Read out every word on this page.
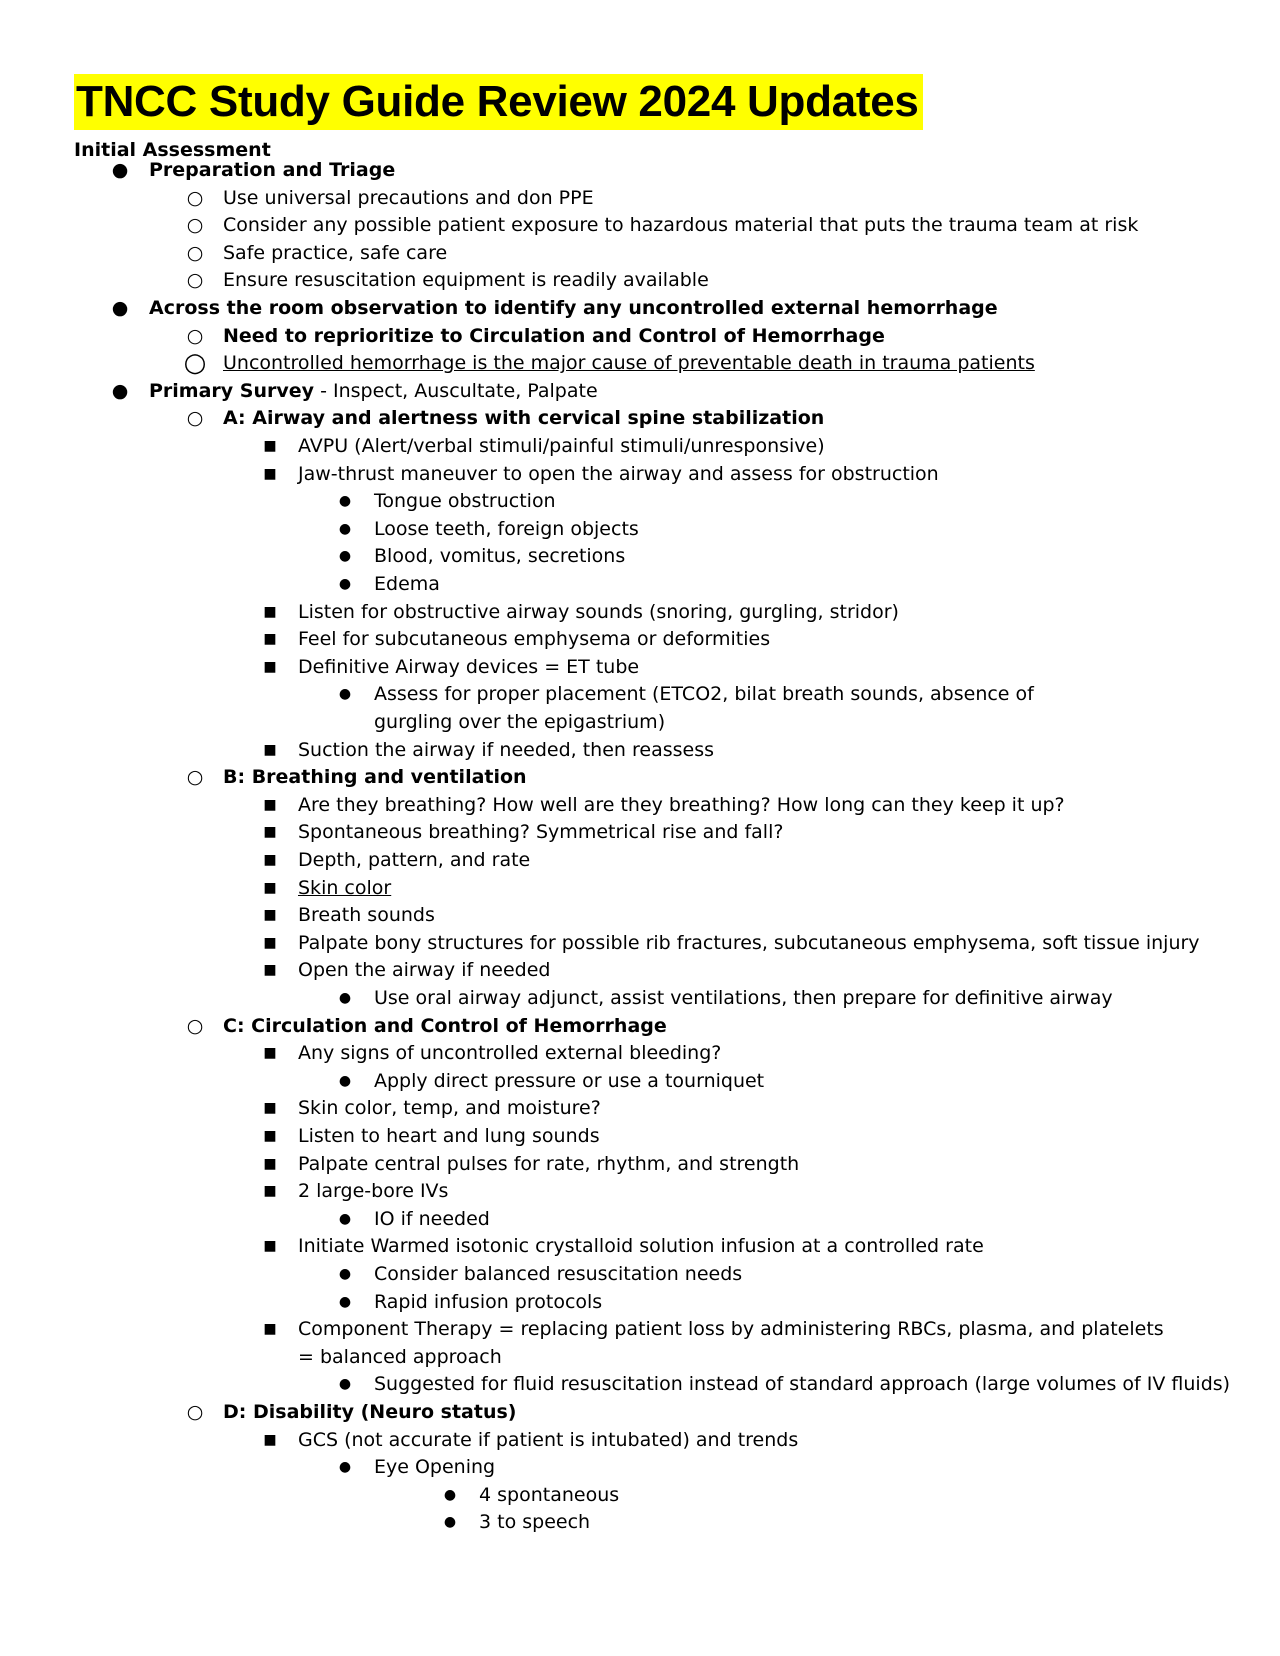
TNCC Study Guide Review 2024 Updates
Initial Assessment
● Preparation and Triage
○ Use universal precautions and don PPE
○ Consider any possible patient exposure to hazardous material that puts the trauma team at risk
○ Safe practice, safe care
○ Ensure resuscitation equipment is readily available
● Across the room observation to identify any uncontrolled external hemorrhage
○ Need to reprioritize to Circulation and Control of Hemorrhage
○ Uncontrolled hemorrhage is the major cause of preventable death in trauma patients
● Primary Survey - Inspect, Auscultate, Palpate
○ A: Airway and alertness with cervical spine stabilization
■ AVPU (Alert/verbal stimuli/painful stimuli/unresponsive)
■ Jaw-thrust maneuver to open the airway and assess for obstruction
●	Tongue obstruction
●	Loose teeth, foreign objects
●	Blood, vomitus, secretions
●	Edema
■ Listen for obstructive airway sounds (snoring, gurgling, stridor)
■ Feel for subcutaneous emphysema or deformities
■ Definitive Airway devices = ET tube
●	Assess for proper placement (ETCO2, bilat breath sounds, absence of
gurgling over the epigastrium)
■ Suction the airway if needed, then reassess
○ B: Breathing and ventilation
■ Are they breathing? How well are they breathing? How long can they keep it up?
■ Spontaneous breathing? Symmetrical rise and fall?
■ Depth, pattern, and rate
■ Skin color
■ Breath sounds
■ Palpate bony structures for possible rib fractures, subcutaneous emphysema, soft tissue injury
■ Open the airway if needed
●	Use oral airway adjunct, assist ventilations, then prepare for definitive airway
○ C: Circulation and Control of Hemorrhage
■ Any signs of uncontrolled external bleeding?
●	Apply direct pressure or use a tourniquet
■ Skin color, temp, and moisture?
■ Listen to heart and lung sounds
■ Palpate central pulses for rate, rhythm, and strength
■ 2 large-bore IVs
●	IO if needed
■ Initiate Warmed isotonic crystalloid solution infusion at a controlled rate
●	Consider balanced resuscitation needs
●	Rapid infusion protocols
■ Component Therapy = replacing patient loss by administering RBCs, plasma, and platelets
= balanced approach
●	Suggested for fluid resuscitation instead of standard approach (large volumes of IV fluids)
○ D: Disability (Neuro status)
■ GCS (not accurate if patient is intubated) and trends
●	Eye Opening
●	4 spontaneous
●	3 to speech
